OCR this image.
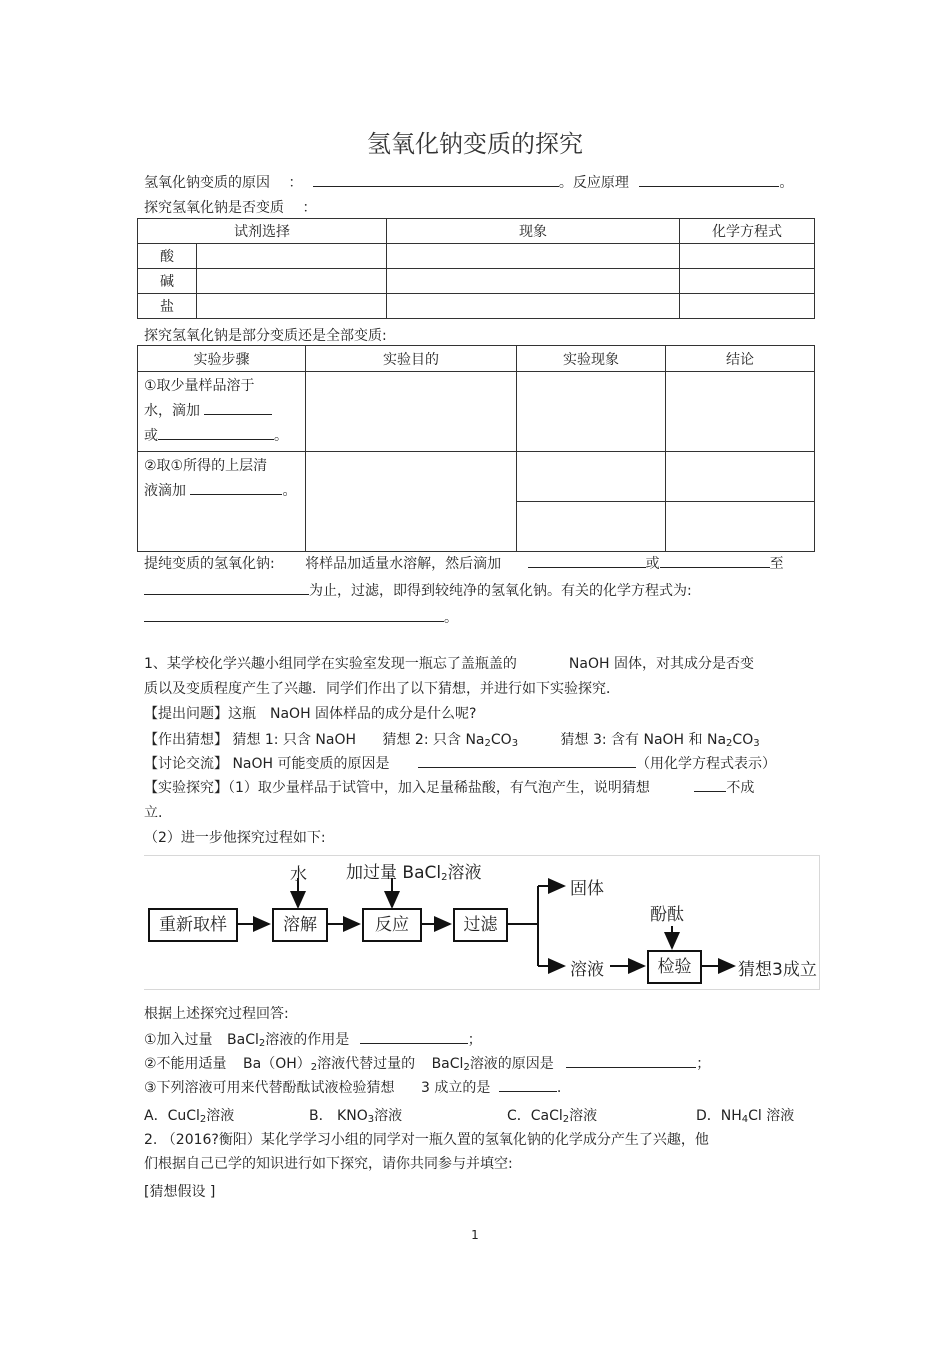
氢氧化钠变质的探究
氢氧化钠变质的原因 ：	。反应原理	。
探究氢氧化钠是否变质 ：
试剂选择		现象	化学方程式
酸			
碱			
盐			
探究氢氧化钠是部分变质还是全部变质:
实验步骤	实验目的	实验现象	结论

①取少量样品溶于
水，滴加
或 。			

②取①所得的上层清
液滴加 。			

提纯变质的氢氧化钠: 将样品加适量水溶解，然后滴加	或	至
为止，过滤，即得到较纯净的氢氧化钠。有关的化学方程式为:
。
1、某学校化学兴趣小组同学在实验室发现一瓶忘了盖瓶盖的	NaOH 固体，对其成分是否变
质以及变质程度产生了兴趣．同学们作出了以下猜想，并进行如下实验探究．
【提出问题】这瓶 NaOH 固体样品的成分是什么呢?
【作出猜想】 猜想 1: 只含 NaOH 猜想 2: 只含 $Na_2CO_3$	猜想 3: 含有 NaOH 和 $Na_2CO_3$
【讨论交流】 NaOH 可能变质的原因是	（用化学方程式表示）
【实验探究】（1）取少量样品于试管中，加入足量稀盐酸，有气泡产生，说明猜想	不成
立.
（2）进一步他探究过程如下:
水 加过量 BaCl$_2$溶液
重新取样	溶解	反应	过滤
固体
酚酞
溶液	检验	猜想3成立
根据上述探究过程回答:
①加入过量 BaCl$_2$溶液的作用是	；
②不能用适量 $Ba(OH)_2$溶液代替过量的 BaCl$_2$溶液的原因是	；
③下列溶液可用来代替酚酞试液检验猜想 3 成立的是	.
A．CuCl$_2$溶液	B． $KNO_3$溶液	C．CaCl$_2$溶液	D．$NH_4Cl$ 溶液
2. （2016?衡阳）某化学学习小组的同学对一瓶久置的氢氧化钠的化学成分产生了兴趣，他
们根据自己已学的知识进行如下探究，请你共同参与并填空:
[猜想假设 ]
1
